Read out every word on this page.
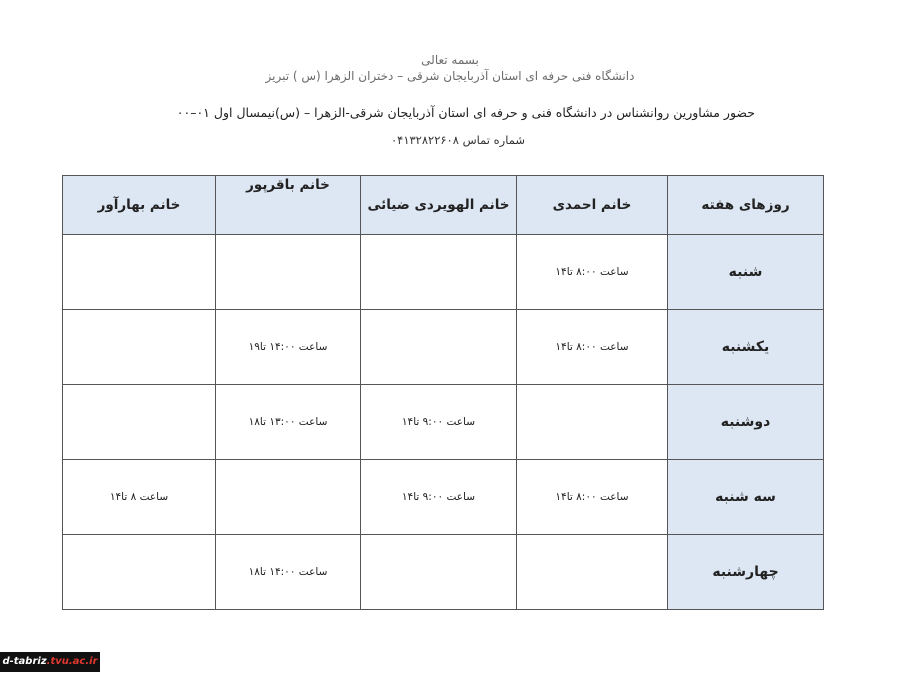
بسمه تعالی
دانشگاه فنی حرفه ای استان آذربایجان شرقی – دختران الزهرا (س ) تبریز
حضور مشاورین روانشناس در دانشگاه فنی و حرفه ای استان آذربایجان شرقی-الزهرا – (س)نیمسال اول ۰۱–۰۰
شماره تماس ۰۴۱۳۲۸۲۲۶۰۸
روزهای هفته	خانم احمدی	خانم الهویردی ضیائی	خانم باقرپور	خانم بهارآور
شنبه	ساعت ۸:۰۰ تا۱۴			
یکشنبه	ساعت ۸:۰۰ تا۱۴		ساعت ۱۴:۰۰ تا۱۹	
دوشنبه		ساعت ۹:۰۰ تا۱۴	ساعت ۱۳:۰۰ تا۱۸	
سه شنبه	ساعت ۸:۰۰ تا۱۴	ساعت ۹:۰۰ تا۱۴		ساعت ۸ تا۱۴
چهارشنبه			ساعت ۱۴:۰۰ تا۱۸	
d-tabriz.tvu.ac.ir
